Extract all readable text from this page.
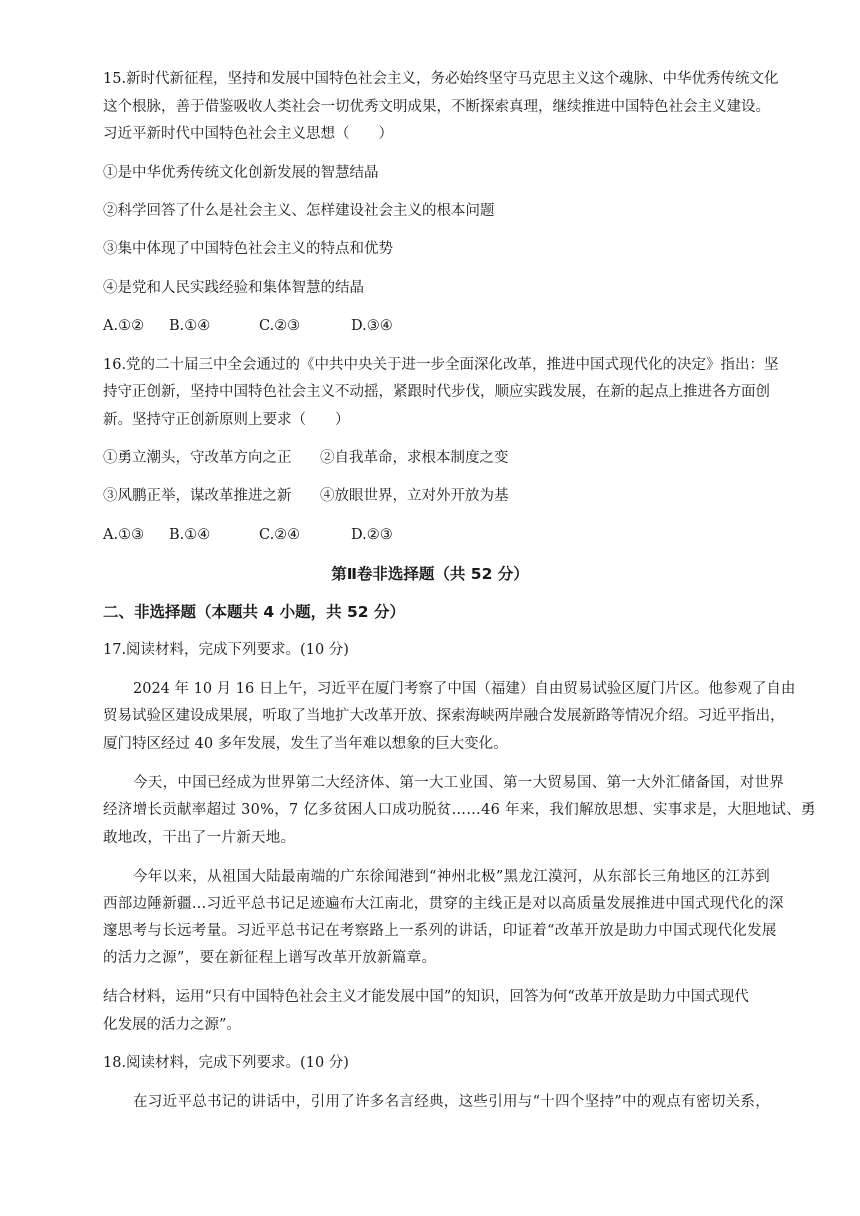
15.新时代新征程，坚持和发展中国特色社会主义，务必始终坚守马克思主义这个魂脉、中华优秀传统文化
这个根脉，善于借鉴吸收人类社会一切优秀文明成果，不断探索真理，继续推进中国特色社会主义建设。
习近平新时代中国特色社会主义思想（　　）
①是中华优秀传统文化创新发展的智慧结晶
②科学回答了什么是社会主义、怎样建设社会主义的根本问题
③集中体现了中国特色社会主义的特点和优势
④是党和人民实践经验和集体智慧的结晶
A.①② B.①④	C.②③	D.③④
16.党的二十届三中全会通过的《中共中央关于进一步全面深化改革，推进中国式现代化的决定》指出：坚
持守正创新，坚持中国特色社会主义不动摇，紧跟时代步伐，顺应实践发展，在新的起点上推进各方面创
新。坚持守正创新原则上要求（　　）
①勇立潮头，守改革方向之正 ②自我革命，求根本制度之变
③风鹏正举，谋改革推进之新 ④放眼世界，立对外开放为基
A.①③ B.①④	C.②④	D.②③
第Ⅱ卷非选择题（共 52 分）
二、非选择题（本题共 4 小题，共 52 分）
17.阅读材料，完成下列要求。(10 分)
2024 年 10 月 16 日上午，习近平在厦门考察了中国（福建）自由贸易试验区厦门片区。他参观了自由
贸易试验区建设成果展，听取了当地扩大改革开放、探索海峡两岸融合发展新路等情况介绍。习近平指出，
厦门特区经过 40 多年发展，发生了当年难以想象的巨大变化。
今天，中国已经成为世界第二大经济体、第一大工业国、第一大贸易国、第一大外汇储备国，对世界
经济增长贡献率超过 30%，7 亿多贫困人口成功脱贫……46 年来，我们解放思想、实事求是，大胆地试、勇
敢地改，干出了一片新天地。
今年以来，从祖国大陆最南端的广东徐闻港到“神州北极”黑龙江漠河，从东部长三角地区的江苏到
西部边陲新疆…习近平总书记足迹遍布大江南北，贯穿的主线正是对以高质量发展推进中国式现代化的深
邃思考与长远考量。习近平总书记在考察路上一系列的讲话，印证着“改革开放是助力中国式现代化发展
的活力之源”，要在新征程上谱写改革开放新篇章。
结合材料，运用“只有中国特色社会主义才能发展中国”的知识，回答为何“改革开放是助力中国式现代
化发展的活力之源”。
18.阅读材料，完成下列要求。(10 分)
在习近平总书记的讲话中，引用了许多名言经典，这些引用与“十四个坚持”中的观点有密切关系，
